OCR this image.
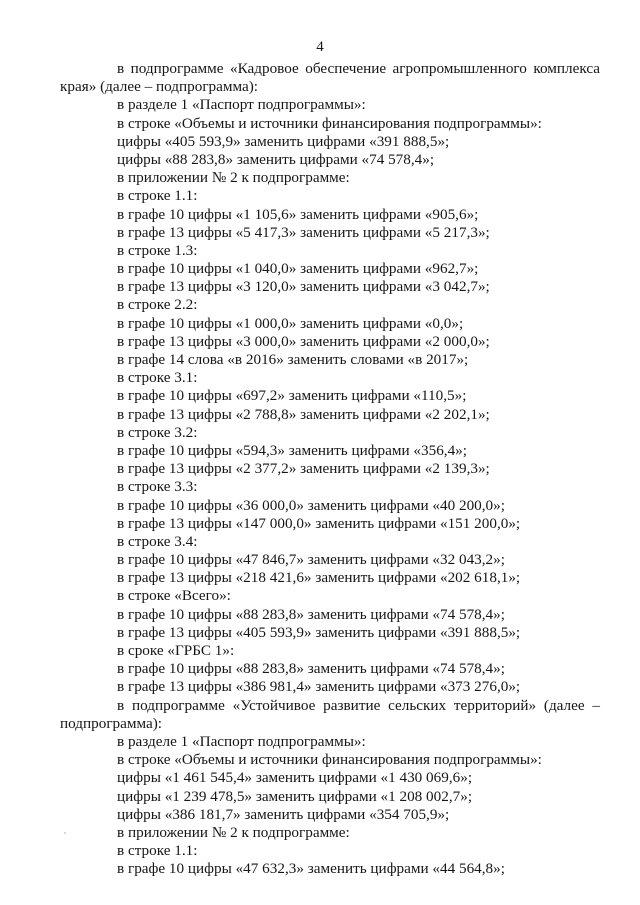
4
в подпрограмме «Кадровое обеспечение агропромышленного комплекса
края» (далее – подпрограмма):
в разделе 1 «Паспорт подпрограммы»:
в строке «Объемы и источники финансирования подпрограммы»:
цифры «405 593,9» заменить цифрами «391 888,5»;
цифры «88 283,8» заменить цифрами «74 578,4»;
в приложении № 2 к подпрограмме:
в строке 1.1:
в графе 10 цифры «1 105,6» заменить цифрами «905,6»;
в графе 13 цифры «5 417,3» заменить цифрами «5 217,3»;
в строке 1.3:
в графе 10 цифры «1 040,0» заменить цифрами «962,7»;
в графе 13 цифры «3 120,0» заменить цифрами «3 042,7»;
в строке 2.2:
в графе 10 цифры «1 000,0» заменить цифрами «0,0»;
в графе 13 цифры «3 000,0» заменить цифрами «2 000,0»;
в графе 14 слова «в 2016» заменить словами «в 2017»;
в строке 3.1:
в графе 10 цифры «697,2» заменить цифрами «110,5»;
в графе 13 цифры «2 788,8» заменить цифрами «2 202,1»;
в строке 3.2:
в графе 10 цифры «594,3» заменить цифрами «356,4»;
в графе 13 цифры «2 377,2» заменить цифрами «2 139,3»;
в строке 3.3:
в графе 10 цифры «36 000,0» заменить цифрами «40 200,0»;
в графе 13 цифры «147 000,0» заменить цифрами «151 200,0»;
в строке 3.4:
в графе 10 цифры «47 846,7» заменить цифрами «32 043,2»;
в графе 13 цифры «218 421,6» заменить цифрами «202 618,1»;
в строке «Всего»:
в графе 10 цифры «88 283,8» заменить цифрами «74 578,4»;
в графе 13 цифры «405 593,9» заменить цифрами «391 888,5»;
в сроке «ГРБС 1»:
в графе 10 цифры «88 283,8» заменить цифрами «74 578,4»;
в графе 13 цифры «386 981,4» заменить цифрами «373 276,0»;
в подпрограмме «Устойчивое развитие сельских территорий» (далее –
подпрограмма):
в разделе 1 «Паспорт подпрограммы»:
в строке «Объемы и источники финансирования подпрограммы»:
цифры «1 461 545,4» заменить цифрами «1 430 069,6»;
цифры «1 239 478,5» заменить цифрами «1 208 002,7»;
цифры «386 181,7» заменить цифрами «354 705,9»;
в приложении № 2 к подпрограмме:
в строке 1.1:
в графе 10 цифры «47 632,3» заменить цифрами «44 564,8»;
